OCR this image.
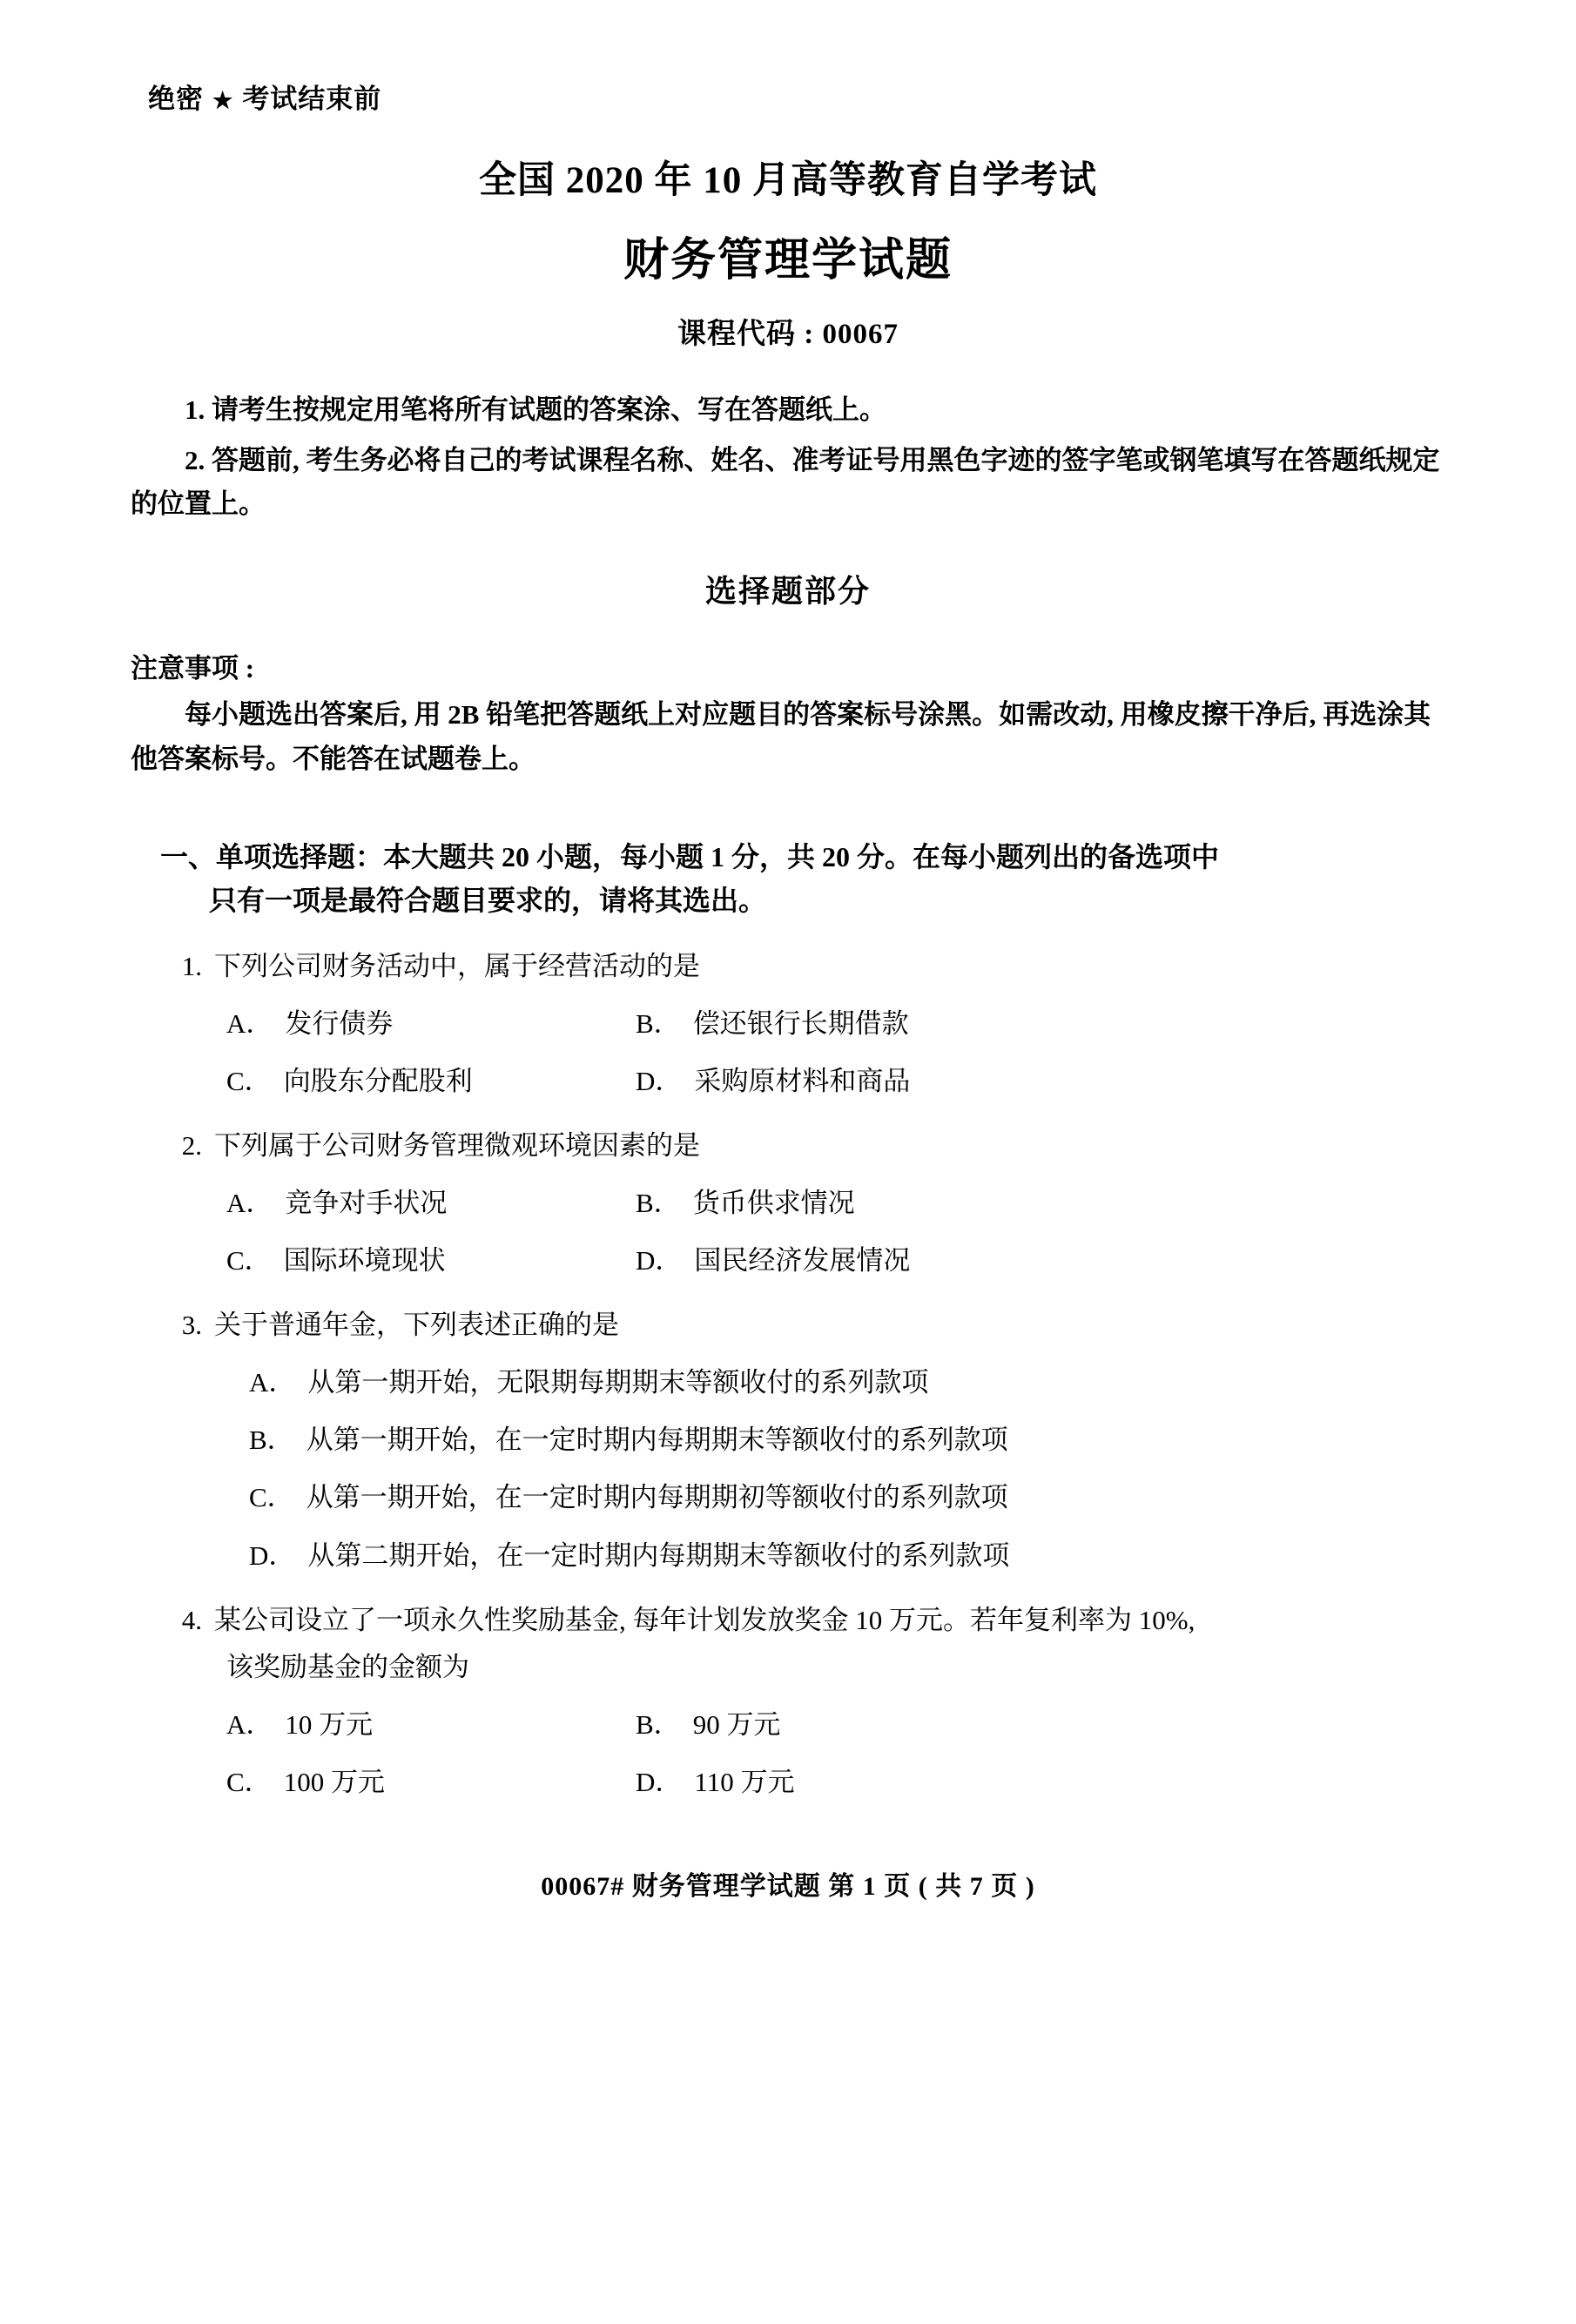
绝密 ★ 考试结束前
全国 2020 年 10 月高等教育自学考试
财务管理学试题
课程代码 : 00067

1. 请考生按规定用笔将所有试题的答案涂、写在答题纸上。

2. 答题前, 考生务必将自己的考试课程名称、姓名、准考证号用黑色字迹的签字笔或钢笔填写在答题纸规定的位置上。

选择题部分
注意事项 :

每小题选出答案后, 用 2B 铅笔把答题纸上对应题目的答案标号涂黑。如需改动, 用橡皮擦干净后, 再选涂其他答案标号。不能答在试题卷上。

一、单项选择题：本大题共 20 小题，每小题 1 分，共 20 分。在每小题列出的备选项中
只有一项是最符合题目要求的，请将其选出。
1. 下列公司财务活动中，属于经营活动的是
A． 发行债券	B． 偿还银行长期借款
C． 向股东分配股利	D． 采购原材料和商品
2. 下列属于公司财务管理微观环境因素的是
A． 竞争对手状况	B． 货币供求情况
C． 国际环境现状	D． 国民经济发展情况
3. 关于普通年金，下列表述正确的是
A． 从第一期开始，无限期每期期末等额收付的系列款项
B． 从第一期开始，在一定时期内每期期末等额收付的系列款项
C． 从第一期开始，在一定时期内每期期初等额收付的系列款项
D． 从第二期开始，在一定时期内每期期末等额收付的系列款项
4. 某公司设立了一项永久性奖励基金, 每年计划发放奖金 10 万元。若年复利率为 10%,
该奖励基金的金额为
A． 10 万元	B． 90 万元
C． 100 万元	D． 110 万元
00067# 财务管理学试题 第 1 页 ( 共 7 页 )
